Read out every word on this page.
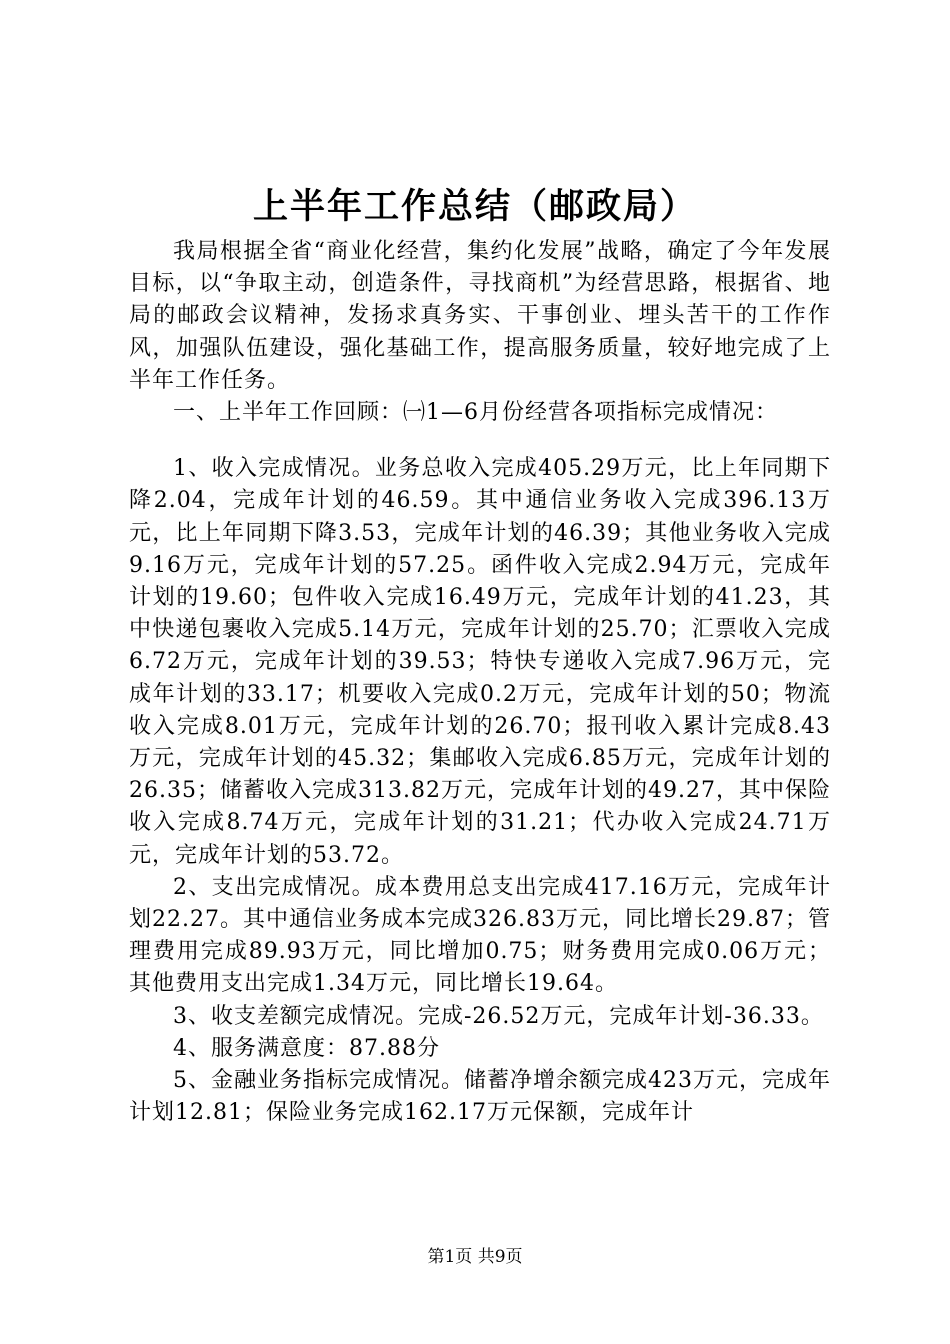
上半年工作总结（邮政局）

我局根据全省“商业化经营，集约化发展”战略，确定了今年发展目标，以“争取主动，创造条件，寻找商机”为经营思路，根据省、地局的邮政会议精神，发扬求真务实、干事创业、埋头苦干的工作作风，加强队伍建设，强化基础工作，提高服务质量，较好地完成了上半年工作任务。

一、上半年工作回顾：㈠1—6月份经营各项指标完成情况：

1、收入完成情况。业务总收入完成405.29万元，比上年同期下降2.04，完成年计划的46.59。其中通信业务收入完成396.13万元，比上年同期下降3.53，完成年计划的46.39；其他业务收入完成9.16万元，完成年计划的57.25。函件收入完成2.94万元，完成年计划的19.60；包件收入完成16.49万元，完成年计划的41.23，其中快递包裹收入完成5.14万元，完成年计划的25.70；汇票收入完成6.72万元，完成年计划的39.53；特快专递收入完成7.96万元，完成年计划的33.17；机要收入完成0.2万元，完成年计划的50；物流收入完成8.01万元，完成年计划的26.70；报刊收入累计完成8.43万元，完成年计划的45.32；集邮收入完成6.85万元，完成年计划的26.35；储蓄收入完成313.82万元，完成年计划的49.27，其中保险收入完成8.74万元，完成年计划的31.21；代办收入完成24.71万元，完成年计划的53.72。

2、支出完成情况。成本费用总支出完成417.16万元，完成年计划22.27。其中通信业务成本完成326.83万元，同比增长29.87；管理费用完成89.93万元，同比增加0.75；财务费用完成0.06万元；其他费用支出完成1.34万元，同比增长19.64。

3、收支差额完成情况。完成-26.52万元，完成年计划-36.33。

4、服务满意度：87.88分

5、金融业务指标完成情况。储蓄净增余额完成423万元，完成年计划12.81；保险业务完成162.17万元保额，完成年计

第1页 共9页
